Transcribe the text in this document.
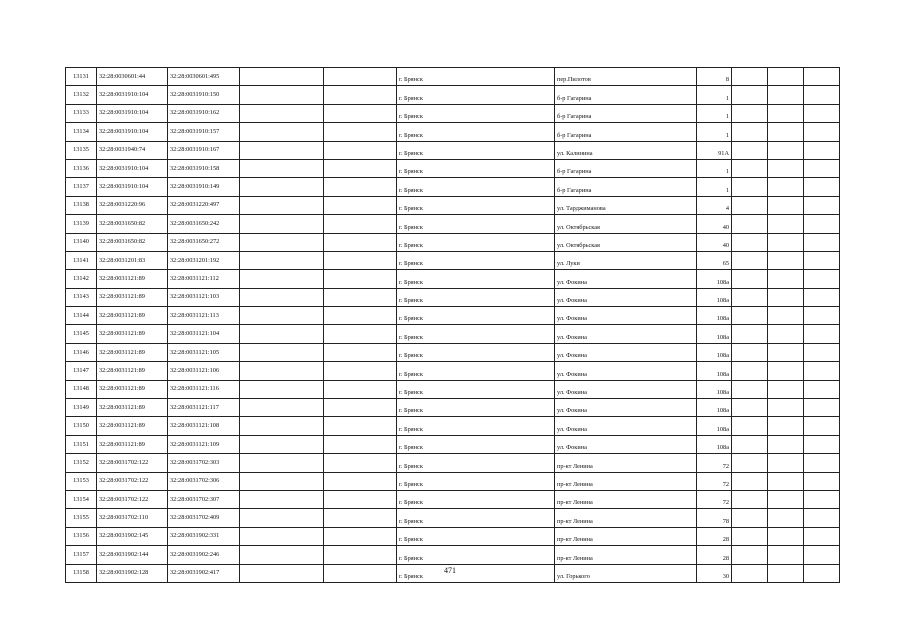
13131	32:28:0030601:44	32:28:0030601:495			г. Брянск	пер.Пилотов	8			
13132	32:28:0031910:104	32:28:0031910:150			г. Брянск	б-р Гагарина	1			
13133	32:28:0031910:104	32:28:0031910:162			г. Брянск	б-р Гагарина	1			
13134	32:28:0031910:104	32:28:0031910:157			г. Брянск	б-р Гагарина	1			
13135	32:28:0031940:74	32:28:0031910:167			г. Брянск	ул. Калинина	91А			
13136	32:28:0031910:104	32:28:0031910:158			г. Брянск	б-р Гагарина	1			
13137	32:28:0031910:104	32:28:0031910:149			г. Брянск	б-р Гагарина	1			
13138	32:28:0031220:96	32:28:0031220:497			г. Брянск	ул. Тарджимановa	4			
13139	32:28:0031650:82	32:28:0031650:242			г. Брянск	ул. Октябрьская	40			
13140	32:28:0031650:82	32:28:0031650:272			г. Брянск	ул. Октябрьская	40			
13141	32:28:0031201:83	32:28:0031201:192			г. Брянск	ул. Луки	65			
13142	32:28:0031121:89	32:28:0031121:112			г. Брянск	ул. Фокина	108а			
13143	32:28:0031121:89	32:28:0031121:103			г. Брянск	ул. Фокина	108а			
13144	32:28:0031121:89	32:28:0031121:113			г. Брянск	ул. Фокина	108а			
13145	32:28:0031121:89	32:28:0031121:104			г. Брянск	ул. Фокина	108а			
13146	32:28:0031121:89	32:28:0031121:105			г. Брянск	ул. Фокина	108а			
13147	32:28:0031121:89	32:28:0031121:106			г. Брянск	ул. Фокина	108а			
13148	32:28:0031121:89	32:28:0031121:116			г. Брянск	ул. Фокина	108а			
13149	32:28:0031121:89	32:28:0031121:117			г. Брянск	ул. Фокина	108а			
13150	32:28:0031121:89	32:28:0031121:108			г. Брянск	ул. Фокина	108а			
13151	32:28:0031121:89	32:28:0031121:109			г. Брянск	ул. Фокина	108а			
13152	32:28:0031702:122	32:28:0031702:303			г. Брянск	пр-кт Ленина	72			
13153	32:28:0031702:122	32:28:0031702:306			г. Брянск	пр-кт Ленина	72			
13154	32:28:0031702:122	32:28:0031702:307			г. Брянск	пр-кт Ленина	72			
13155	32:28:0031702:110	32:28:0031702:409			г. Брянск	пр-кт Ленина	78			
13156	32:28:0031902:145	32:28:0031902:331			г. Брянск	пр-кт Ленина	28			
13157	32:28:0031902:144	32:28:0031902:246			г. Брянск	пр-кт Ленина	28			
13158	32:28:0031902:128	32:28:0031902:417			г. Брянск	ул. Горького	30			
471
